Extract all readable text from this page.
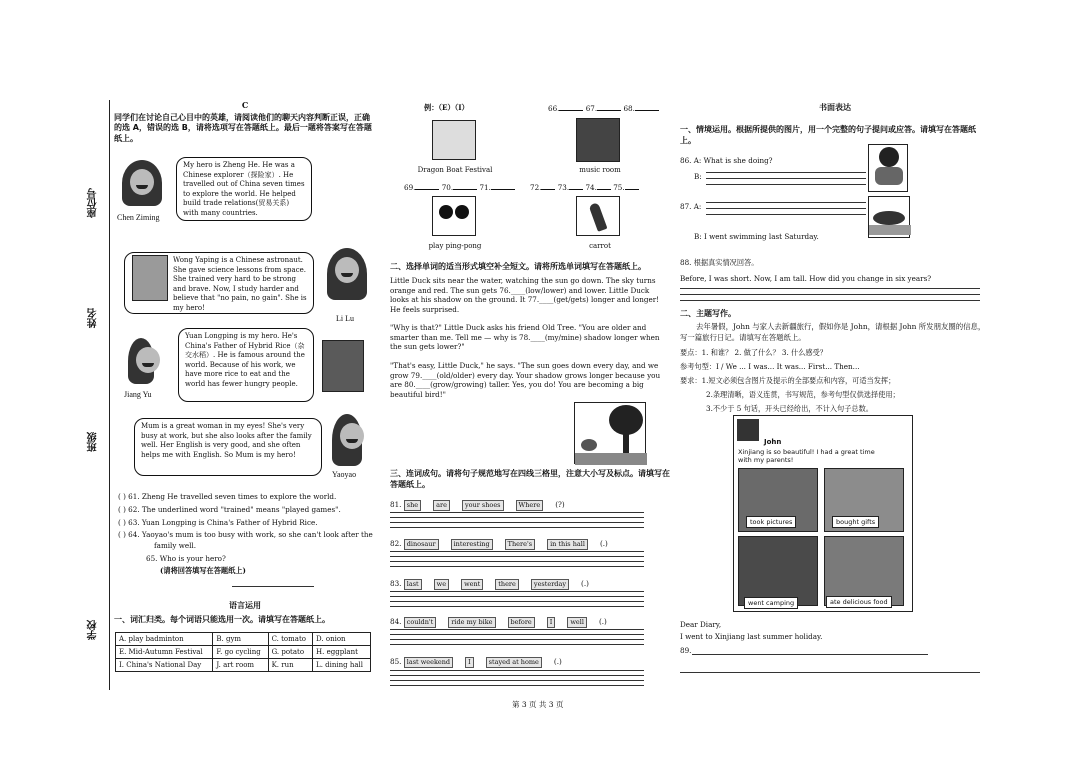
座位号
姓名
班级
学校
C
同学们在讨论自己心目中的英雄，请阅读他们的聊天内容判断正误，正确的选 A，错误的选 B，请将选项写在答题纸上。最后一题将答案写在答题纸上。
Chen Ziming
My hero is Zheng He. He was a Chinese explorer（探险家）. He travelled out of China seven times to explore the world. He helped build trade relations(贸易关系) with many countries.
Wong Yaping is a Chinese astronaut. She gave science lessons from space. She trained very hard to be strong and brave. Now, I study harder and believe that "no pain, no gain". She is my hero!
Li Lu
Jiang Yu
Yuan Longping is my hero. He's China's Father of Hybrid Rice（杂交水稻）. He is famous around the world. Because of his work, we have more rice to eat and the world has fewer hungry people.
Mum is a great woman in my eyes! She's very busy at work, but she also looks after the family well. Her English is very good, and she often helps me with English. So Mum is my hero!
Yaoyao
( ) 61. Zheng He travelled seven times to explore the world.
( ) 62. The underlined word "trained" means "played games".
( ) 63. Yuan Longping is China's Father of Hybrid Rice.
( ) 64. Yaoyao's mum is too busy with work, so she can't look after the
family well.
65. Who is your hero?
(请将回答填写在答题纸上)
语言运用
一、词汇归类。每个词语只能选用一次。请填写在答题纸上。
A. play badminton	B. gym	C. tomato	D. onion
E. Mid-Autumn Festival	F. go cycling	G. potato	H. eggplant
I. China's National Day	J. art room	K. run	L. dining hall
例：（E）（I）	66.	67.	68.
Dragon Boat Festival	music room
69.	70.	71.	72. 73. 74. 75.
play ping-pong	carrot
二、选择单词的适当形式填空补全短文。请将所选单词填写在答题纸上。
Little Duck sits near the water, watching the sun go down. The sky turns orange and red. The sun gets 76.____(low/lower) and lower. Little Duck looks at his shadow on the ground. It 77.____(get/gets) longer and longer! He feels surprised.
"Why is that?" Little Duck asks his friend Old Tree. "You are older and smarter than me. Tell me — why is 78.____(my/mine) shadow longer when the sun gets lower?"
"That's easy, Little Duck," he says. "The sun goes down every day, and we grow 79.____(old/older) every day. Your shadow grows longer because you are 80.____(grow/growing) taller. Yes, you do! You are becoming a big beautiful bird!"
三、连词成句。请将句子规范地写在四线三格里，注意大小写及标点。请填写在答题纸上。
81. she	are	your shoes	Where (?)
82. dinosaur	interesting	There's	in this hall (.)
83. last	we	went	there	yesterday (.)
84. couldn't	ride my bike	before	I	well (.)
85. last weekend	I	stayed at home (.)
书面表达
一、情境运用。根据所提供的图片，用一个完整的句子提问或应答。请填写在答题纸上。
86. A: What is she doing?
B:
87. A:
B: I went swimming last Saturday.
88. 根据真实情况回答。
Before, I was short. Now, I am tall. How did you change in six years?
二、主题写作。
去年暑假，John 与家人去新疆旅行，假如你是 John，请根据 John 所发朋友圈的信息，写一篇旅行日记。请填写在答题纸上。
要点：1. 和谁？ 2. 做了什么？ 3. 什么感受？
参考句型：I / We ... I was... It was... First... Then...
要求：1.短文必须包含图片及提示的全部要点和内容，可适当发挥；
2.条理清晰，语义连贯，书写规范，参考句型仅供选择使用；
3.不少于 5 句话，开头已经给出，不计入句子总数。
John
Xinjiang is so beautiful! I had a great time with my parents!
took pictures	bought gifts
went camping	ate delicious food
Dear Diary,
I went to Xinjiang last summer holiday.
89.
第 3 页 共 3 页
